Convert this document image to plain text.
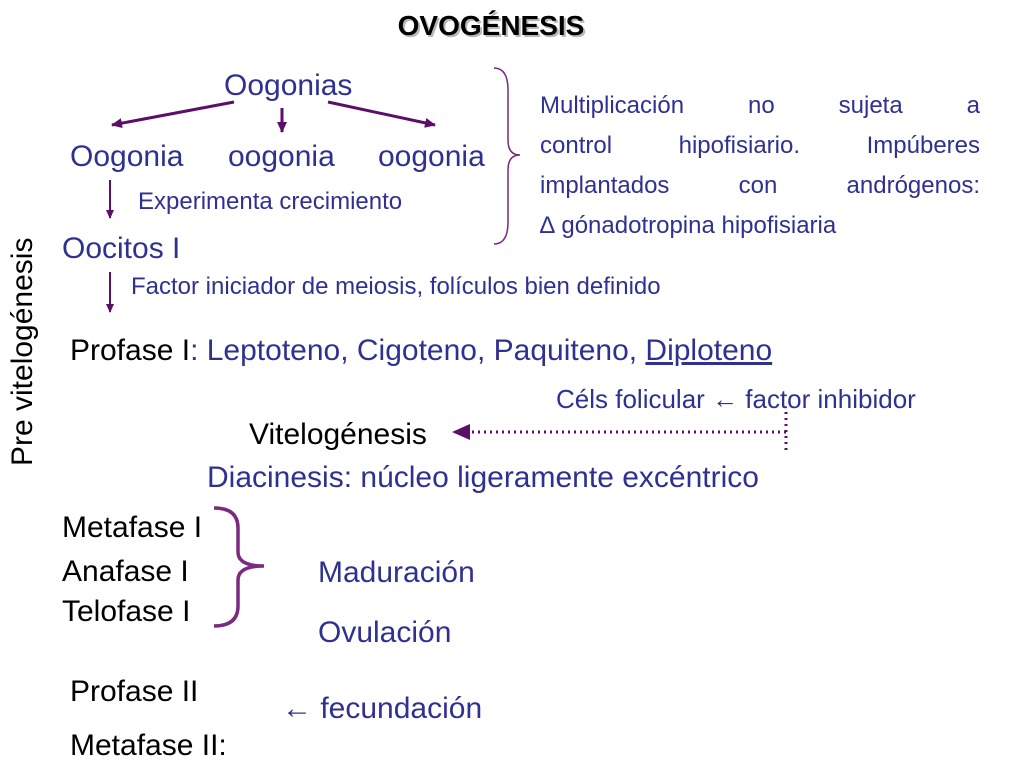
OVOGÉNESIS
Pre vitelogénesis
Oogonias
Oogonia oogonia oogonia
Experimenta crecimiento
Oocitos I
Factor iniciador de meiosis, folículos bien definido
Multiplicación no sujeta a
control hipofisiario. Impúberes
implantados con andrógenos:
∆ gónadotropina hipofisiaria
Profase I: Leptoteno, Cigoteno, Paquiteno, Diploteno
Céls folicular ← factor inhibidor
Vitelogénesis
Diacinesis: núcleo ligeramente excéntrico
Metafase I
Anafase I
Telofase I
Maduración
Ovulación
Profase II
← fecundación
Metafase II:
